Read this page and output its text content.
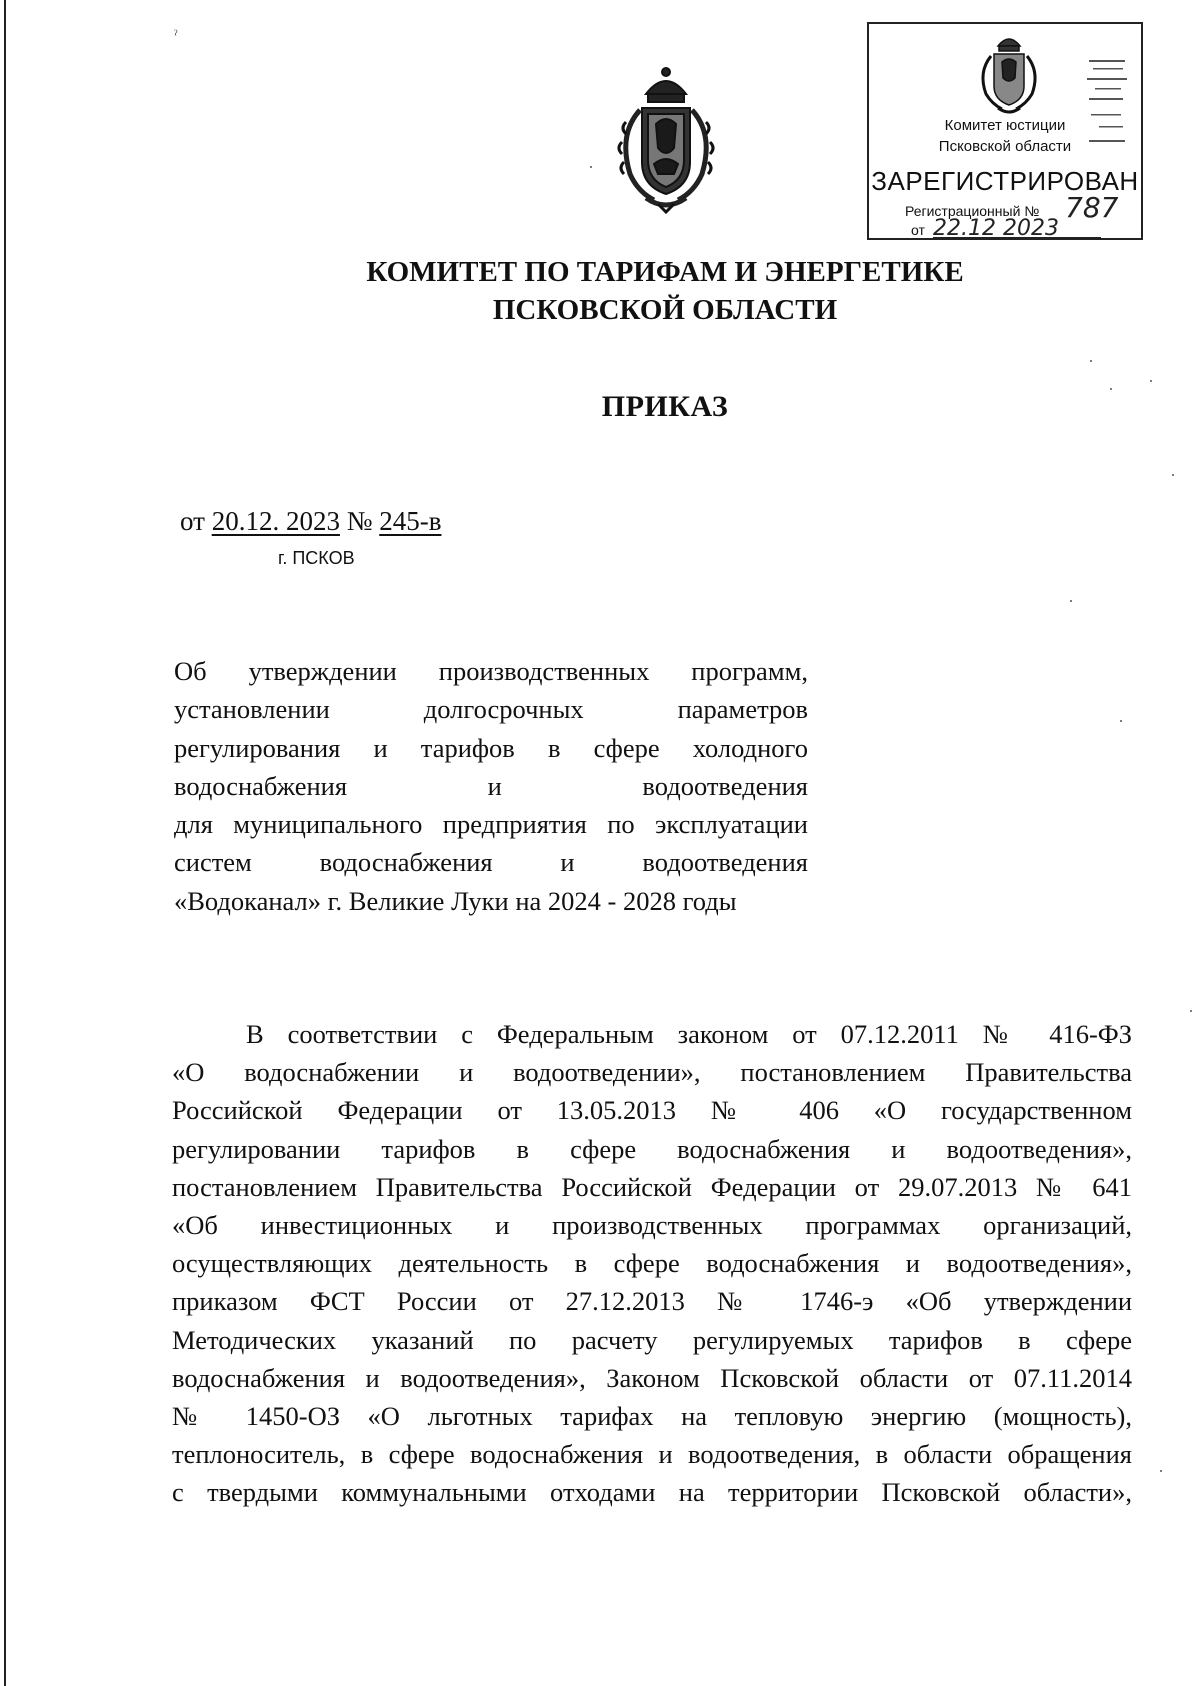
ˀ
Комитет юстиции
Псковской области
ЗАРЕГИСТРИРОВАН
Регистрационный № 787
от 22.12 2023
КОМИТЕТ ПО ТАРИФАМ И ЭНЕРГЕТИКЕ
ПСКОВСКОЙ ОБЛАСТИ
ПРИКАЗ
от 20.12. 2023 № 245-в
г. ПСКОВ
Об утверждении производственных программ,
установлении долгосрочных параметров
регулирования и тарифов в сфере холодного
водоснабжения и водоотведения
для муниципального предприятия по эксплуатации
систем водоснабжения и водоотведения
«Водоканал» г. Великие Луки на 2024 - 2028 годы
В соответствии с Федеральным законом от 07.12.2011 № 416-ФЗ
«О водоснабжении и водоотведении», постановлением Правительства
Российской Федерации от 13.05.2013 № 406 «О государственном
регулировании тарифов в сфере водоснабжения и водоотведения»,
постановлением Правительства Российской Федерации от 29.07.2013 № 641
«Об инвестиционных и производственных программах организаций,
осуществляющих деятельность в сфере водоснабжения и водоотведения»,
приказом ФСТ России от 27.12.2013 № 1746-э «Об утверждении
Методических указаний по расчету регулируемых тарифов в сфере
водоснабжения и водоотведения», Законом Псковской области от 07.11.2014
№ 1450-ОЗ «О льготных тарифах на тепловую энергию (мощность),
теплоноситель, в сфере водоснабжения и водоотведения, в области обращения
с твердыми коммунальными отходами на территории Псковской области»,
